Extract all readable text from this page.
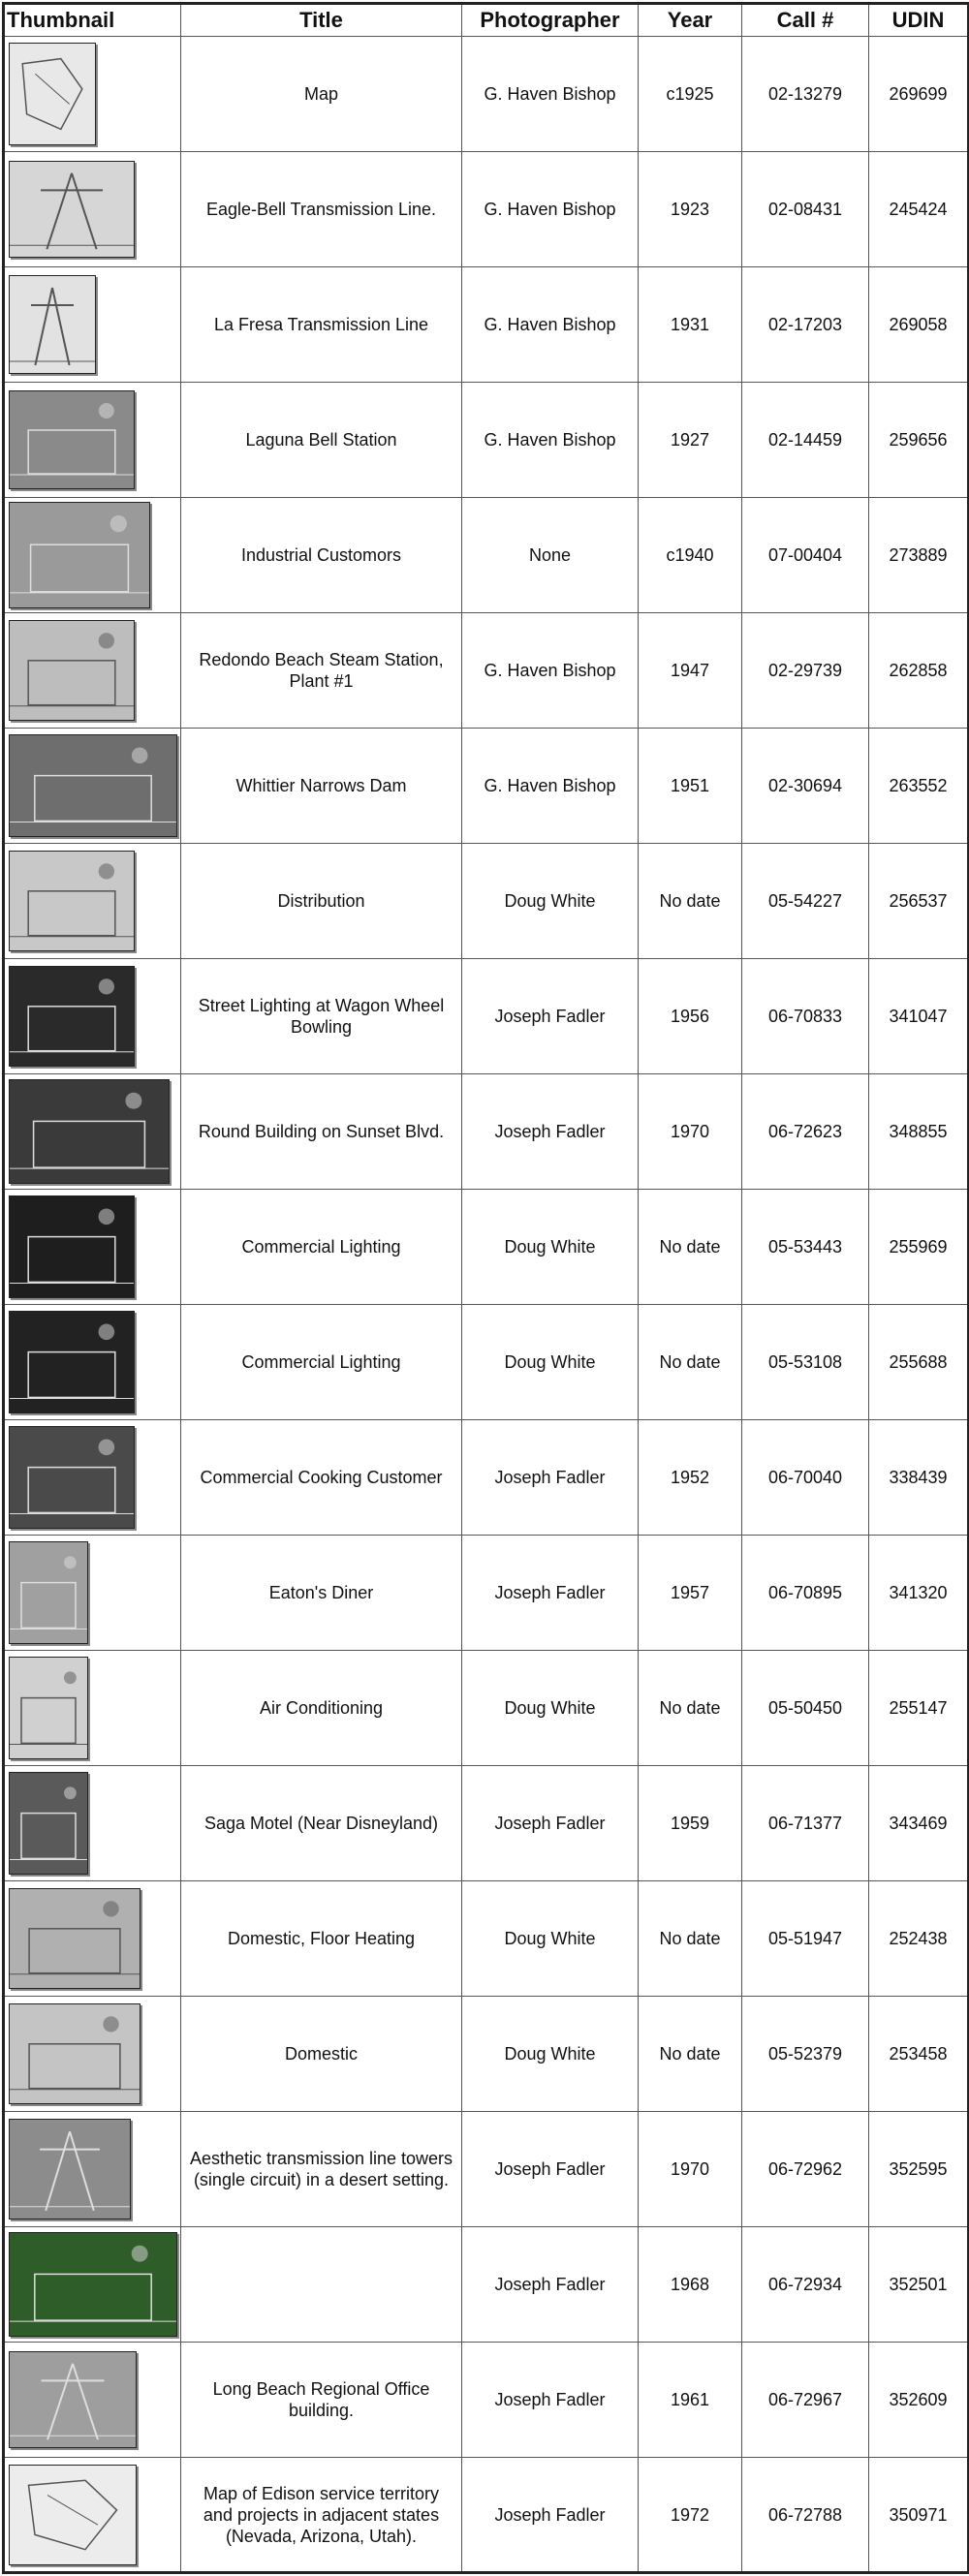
Thumbnail	Title	Photographer	Year	Call #	UDIN

	Map	G. Haven Bishop	c1925	02-13279	269699

	Eagle-Bell Transmission Line.	G. Haven Bishop	1923	02-08431	245424

	La Fresa Transmission Line	G. Haven Bishop	1931	02-17203	269058

	Laguna Bell Station	G. Haven Bishop	1927	02-14459	259656

	Industrial Customors	None	c1940	07-00404	273889

	Redondo Beach Steam Station, Plant #1	G. Haven Bishop	1947	02-29739	262858

	Whittier Narrows Dam	G. Haven Bishop	1951	02-30694	263552

	Distribution	Doug White	No date	05-54227	256537

	Street Lighting at Wagon Wheel Bowling	Joseph Fadler	1956	06-70833	341047

	Round Building on Sunset Blvd.	Joseph Fadler	1970	06-72623	348855

	Commercial Lighting	Doug White	No date	05-53443	255969

	Commercial Lighting	Doug White	No date	05-53108	255688

	Commercial Cooking Customer	Joseph Fadler	1952	06-70040	338439

	Eaton's Diner	Joseph Fadler	1957	06-70895	341320

	Air Conditioning	Doug White	No date	05-50450	255147

	Saga Motel (Near Disneyland)	Joseph Fadler	1959	06-71377	343469

	Domestic, Floor Heating	Doug White	No date	05-51947	252438

	Domestic	Doug White	No date	05-52379	253458

	Aesthetic transmission line towers (single circuit) in a desert setting.	Joseph Fadler	1970	06-72962	352595

		Joseph Fadler	1968	06-72934	352501

	Long Beach Regional Office building.	Joseph Fadler	1961	06-72967	352609

	Map of Edison service territory and projects in adjacent states (Nevada, Arizona, Utah).	Joseph Fadler	1972	06-72788	350971
